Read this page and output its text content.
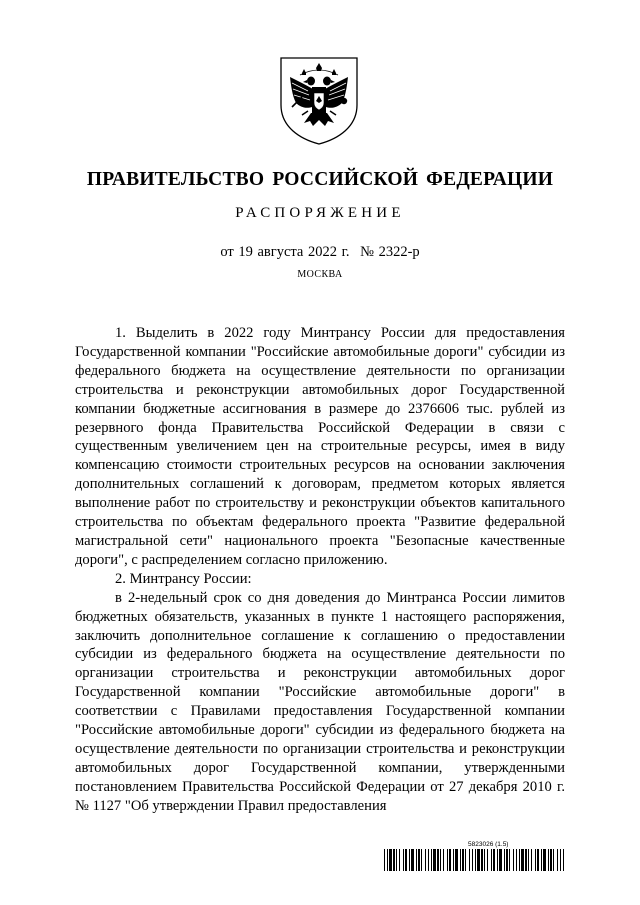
ПРАВИТЕЛЬСТВО РОССИЙСКОЙ ФЕДЕРАЦИИ
РАСПОРЯЖЕНИЕ
от 19 августа 2022 г. № 2322-р
МОСКВА

1. Выделить в 2022 году Минтрансу России для предоставления Государственной компании "Российские автомобильные дороги" субсидии из федерального бюджета на осуществление деятельности по организации строительства и реконструкции автомобильных дорог Государственной компании бюджетные ассигнования в размере до 2376606 тыс. рублей из резервного фонда Правительства Российской Федерации в связи с существенным увеличением цен на строительные ресурсы, имея в виду компенсацию стоимости строительных ресурсов на основании заключения дополнительных соглашений к договорам, предметом которых является выполнение работ по строительству и реконструкции объектов капитального строительства по объектам федерального проекта "Развитие федеральной магистральной сети" национального проекта "Безопасные качественные дороги", с распределением согласно приложению.

2. Минтрансу России:

в 2-недельный срок со дня доведения до Минтранса России лимитов бюджетных обязательств, указанных в пункте 1 настоящего распоряжения, заключить дополнительное соглашение к соглашению о предоставлении субсидии из федерального бюджета на осуществление деятельности по организации строительства и реконструкции автомобильных дорог Государственной компании "Российские автомобильные дороги" в соответствии с Правилами предоставления Государственной компании "Российские автомобильные дороги" субсидии из федерального бюджета на осуществление деятельности по организации строительства и реконструкции автомобильных дорог Государственной компании, утвержденными постановлением Правительства Российской Федерации от 27 декабря 2010 г. № 1127 "Об утверждении Правил предоставления

5823026 (1.5)
